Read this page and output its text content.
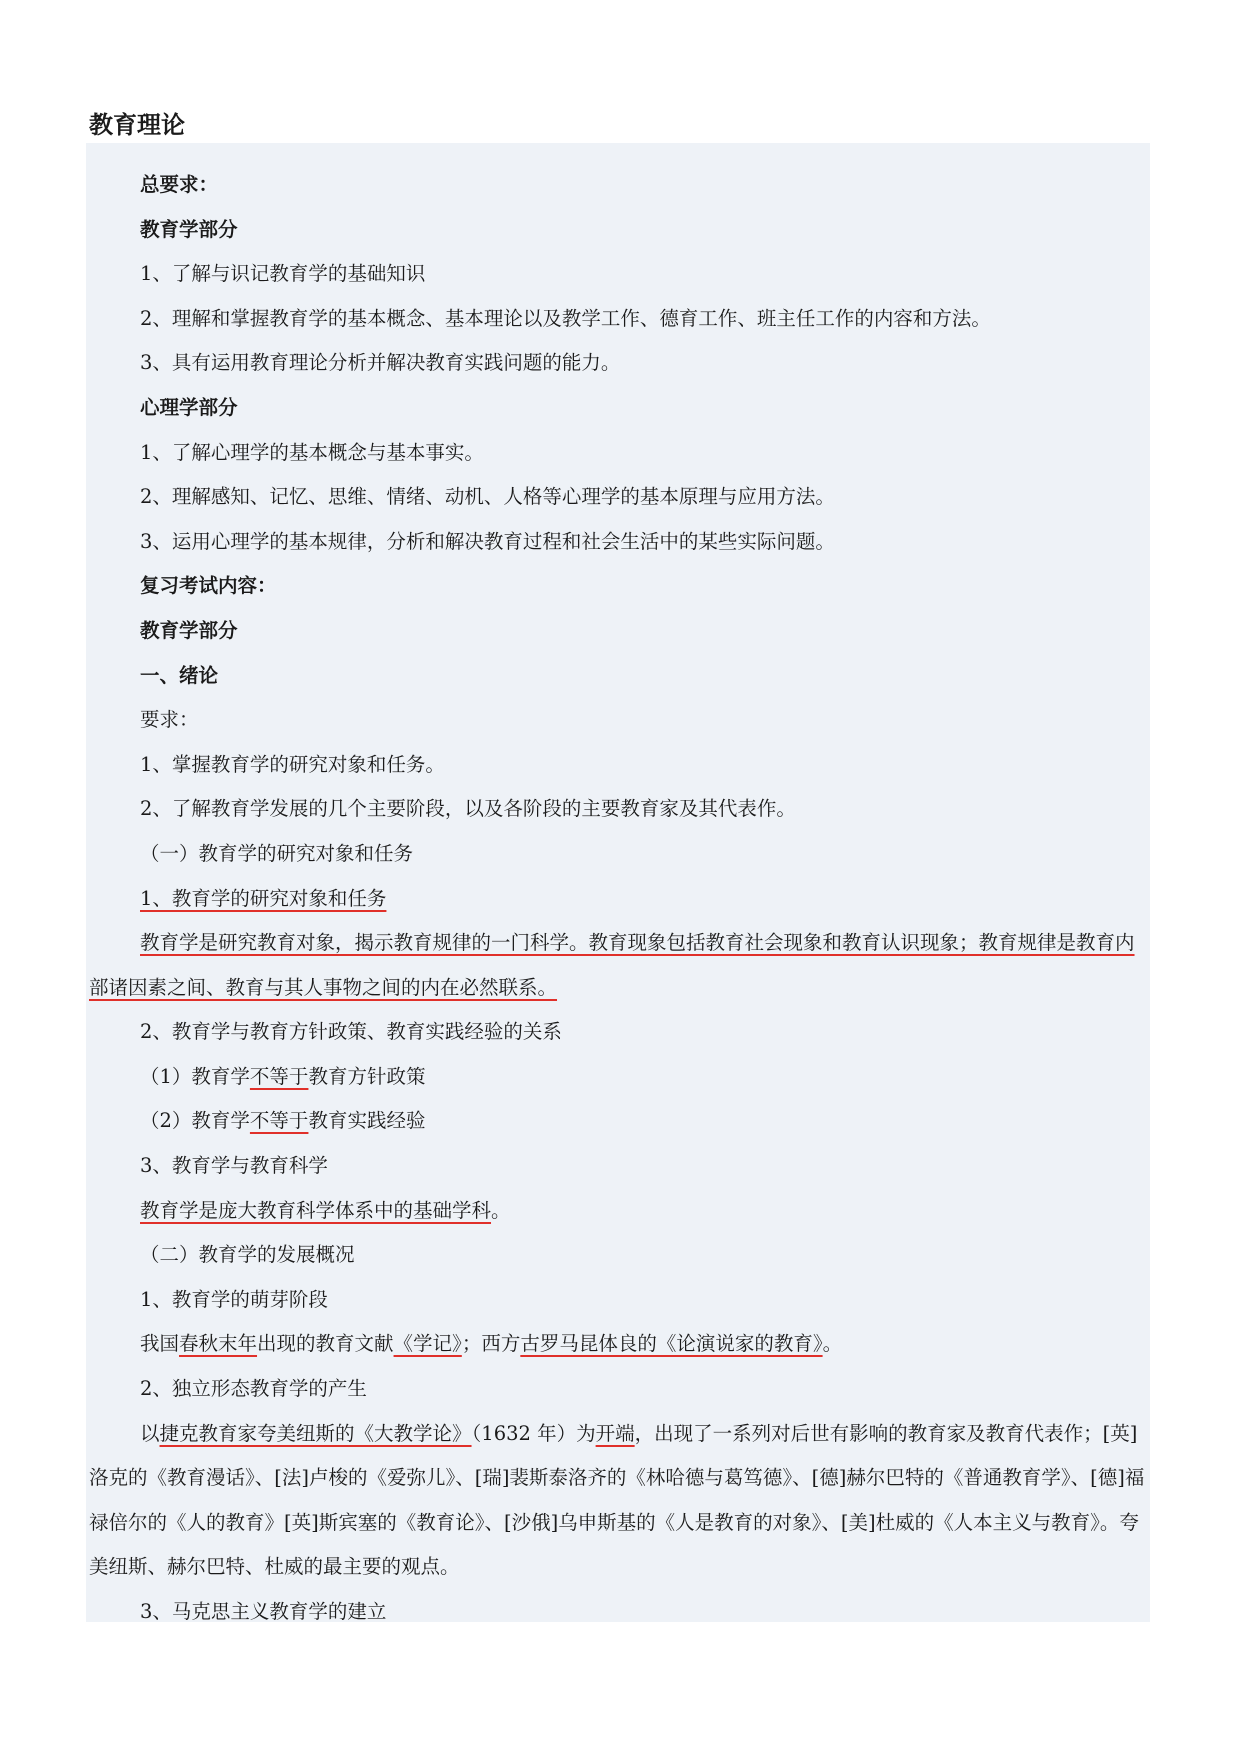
教育理论

总要求：

教育学部分

1、了解与识记教育学的基础知识

2、理解和掌握教育学的基本概念、基本理论以及教学工作、德育工作、班主任工作的内容和方法。

3、具有运用教育理论分析并解决教育实践问题的能力。

心理学部分

1、了解心理学的基本概念与基本事实。

2、理解感知、记忆、思维、情绪、动机、人格等心理学的基本原理与应用方法。

3、运用心理学的基本规律，分析和解决教育过程和社会生活中的某些实际问题。

复习考试内容：

教育学部分

一、绪论

要求：

1、掌握教育学的研究对象和任务。

2、了解教育学发展的几个主要阶段，以及各阶段的主要教育家及其代表作。

（一）教育学的研究对象和任务

1、教育学的研究对象和任务

教育学是研究教育对象，揭示教育规律的一门科学。教育现象包括教育社会现象和教育认识现象；教育规律是教育内部诸因素之间、教育与其人事物之间的内在必然联系。

2、教育学与教育方针政策、教育实践经验的关系

（1）教育学不等于教育方针政策

（2）教育学不等于教育实践经验

3、教育学与教育科学

教育学是庞大教育科学体系中的基础学科。

（二）教育学的发展概况

1、教育学的萌芽阶段

我国春秋末年出现的教育文献《学记》；西方古罗马昆体良的《论演说家的教育》。

2、独立形态教育学的产生

以捷克教育家夸美纽斯的《大教学论》（1632 年）为开端，出现了一系列对后世有影响的教育家及教育代表作；[英]洛克的《教育漫话》、[法]卢梭的《爱弥儿》、[瑞]裴斯泰洛齐的《林哈德与葛笃德》、[德]赫尔巴特的《普通教育学》、[德]福禄倍尔的《人的教育》[英]斯宾塞的《教育论》、[沙俄]乌申斯基的《人是教育的对象》、[美]杜威的《人本主义与教育》。夸美纽斯、赫尔巴特、杜威的最主要的观点。

3、马克思主义教育学的建立
